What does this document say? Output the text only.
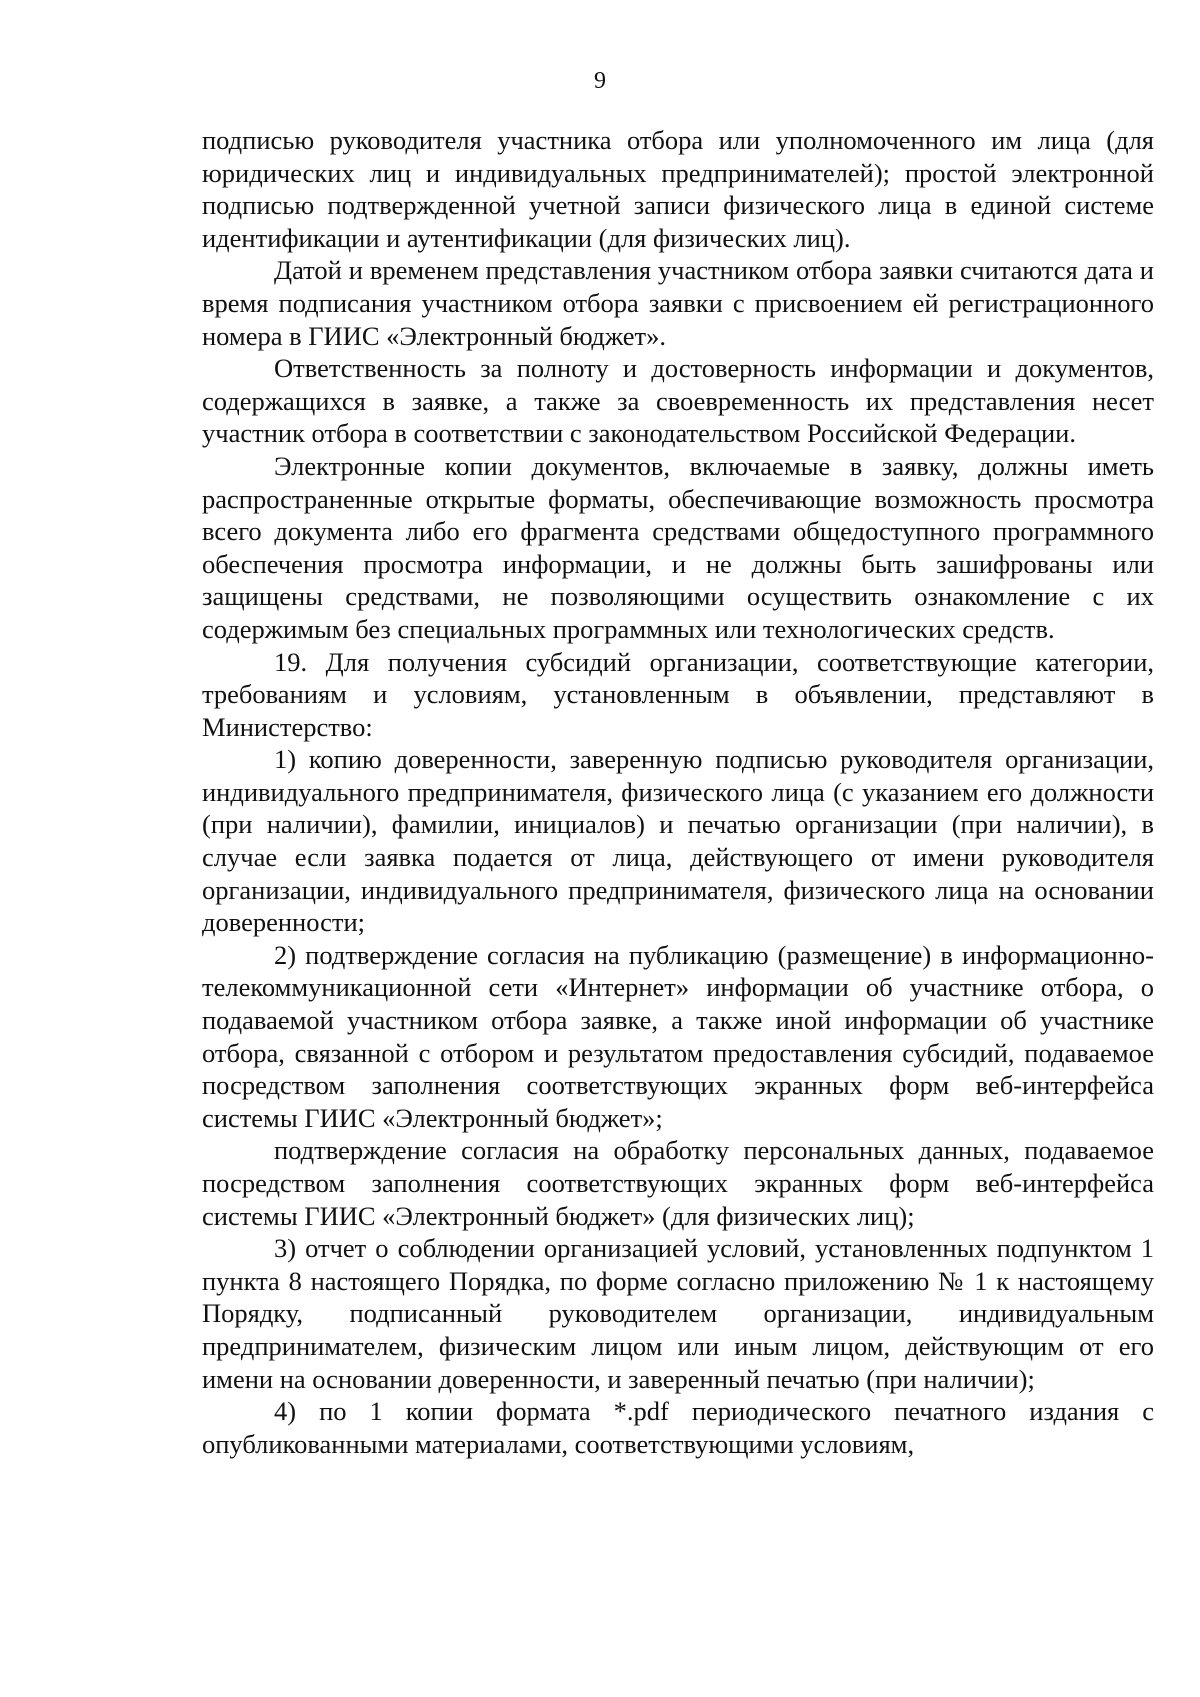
9

подписью руководителя участника отбора или уполномоченного им лица (для юридических лиц и индивидуальных предпринимателей); простой электронной подписью подтвержденной учетной записи физического лица в единой системе идентификации и аутентификации (для физических лиц).

Датой и временем представления участником отбора заявки считаются дата и время подписания участником отбора заявки с присвоением ей регистрационного номера в ГИИС «Электронный бюджет».

Ответственность за полноту и достоверность информации и документов, содержащихся в заявке, а также за своевременность их представления несет участник отбора в соответствии с законодательством Российской Федерации.

Электронные копии документов, включаемые в заявку, должны иметь распространенные открытые форматы, обеспечивающие возможность просмотра всего документа либо его фрагмента средствами общедоступного программного обеспечения просмотра информации, и не должны быть зашифрованы или защищены средствами, не позволяющими осуществить ознакомление с их содержимым без специальных программных или технологических средств.

19. Для получения субсидий организации, соответствующие категории, требованиям и условиям, установленным в объявлении, представляют в Министерство:

1) копию доверенности, заверенную подписью руководителя организации, индивидуального предпринимателя, физического лица (с указанием его должности (при наличии), фамилии, инициалов) и печатью организации (при наличии), в случае если заявка подается от лица, действующего от имени руководителя организации, индивидуального предпринимателя, физического лица на основании доверенности;

2) подтверждение согласия на публикацию (размещение) в информационно-телекоммуникационной сети «Интернет» информации об участнике отбора, о подаваемой участником отбора заявке, а также иной информации об участнике отбора, связанной с отбором и результатом предоставления субсидий, подаваемое посредством заполнения соответствующих экранных форм веб-интерфейса системы ГИИС «Электронный бюджет»;

подтверждение согласия на обработку персональных данных, подаваемое посредством заполнения соответствующих экранных форм веб-интерфейса системы ГИИС «Электронный бюджет» (для физических лиц);

3) отчет о соблюдении организацией условий, установленных подпунктом 1 пункта 8 настоящего Порядка, по форме согласно приложению № 1 к настоящему Порядку, подписанный руководителем организации, индивидуальным предпринимателем, физическим лицом или иным лицом, действующим от его имени на основании доверенности, и заверенный печатью (при наличии);

4) по 1 копии формата *.pdf периодического печатного издания с опубликованными материалами, соответствующими условиям,
